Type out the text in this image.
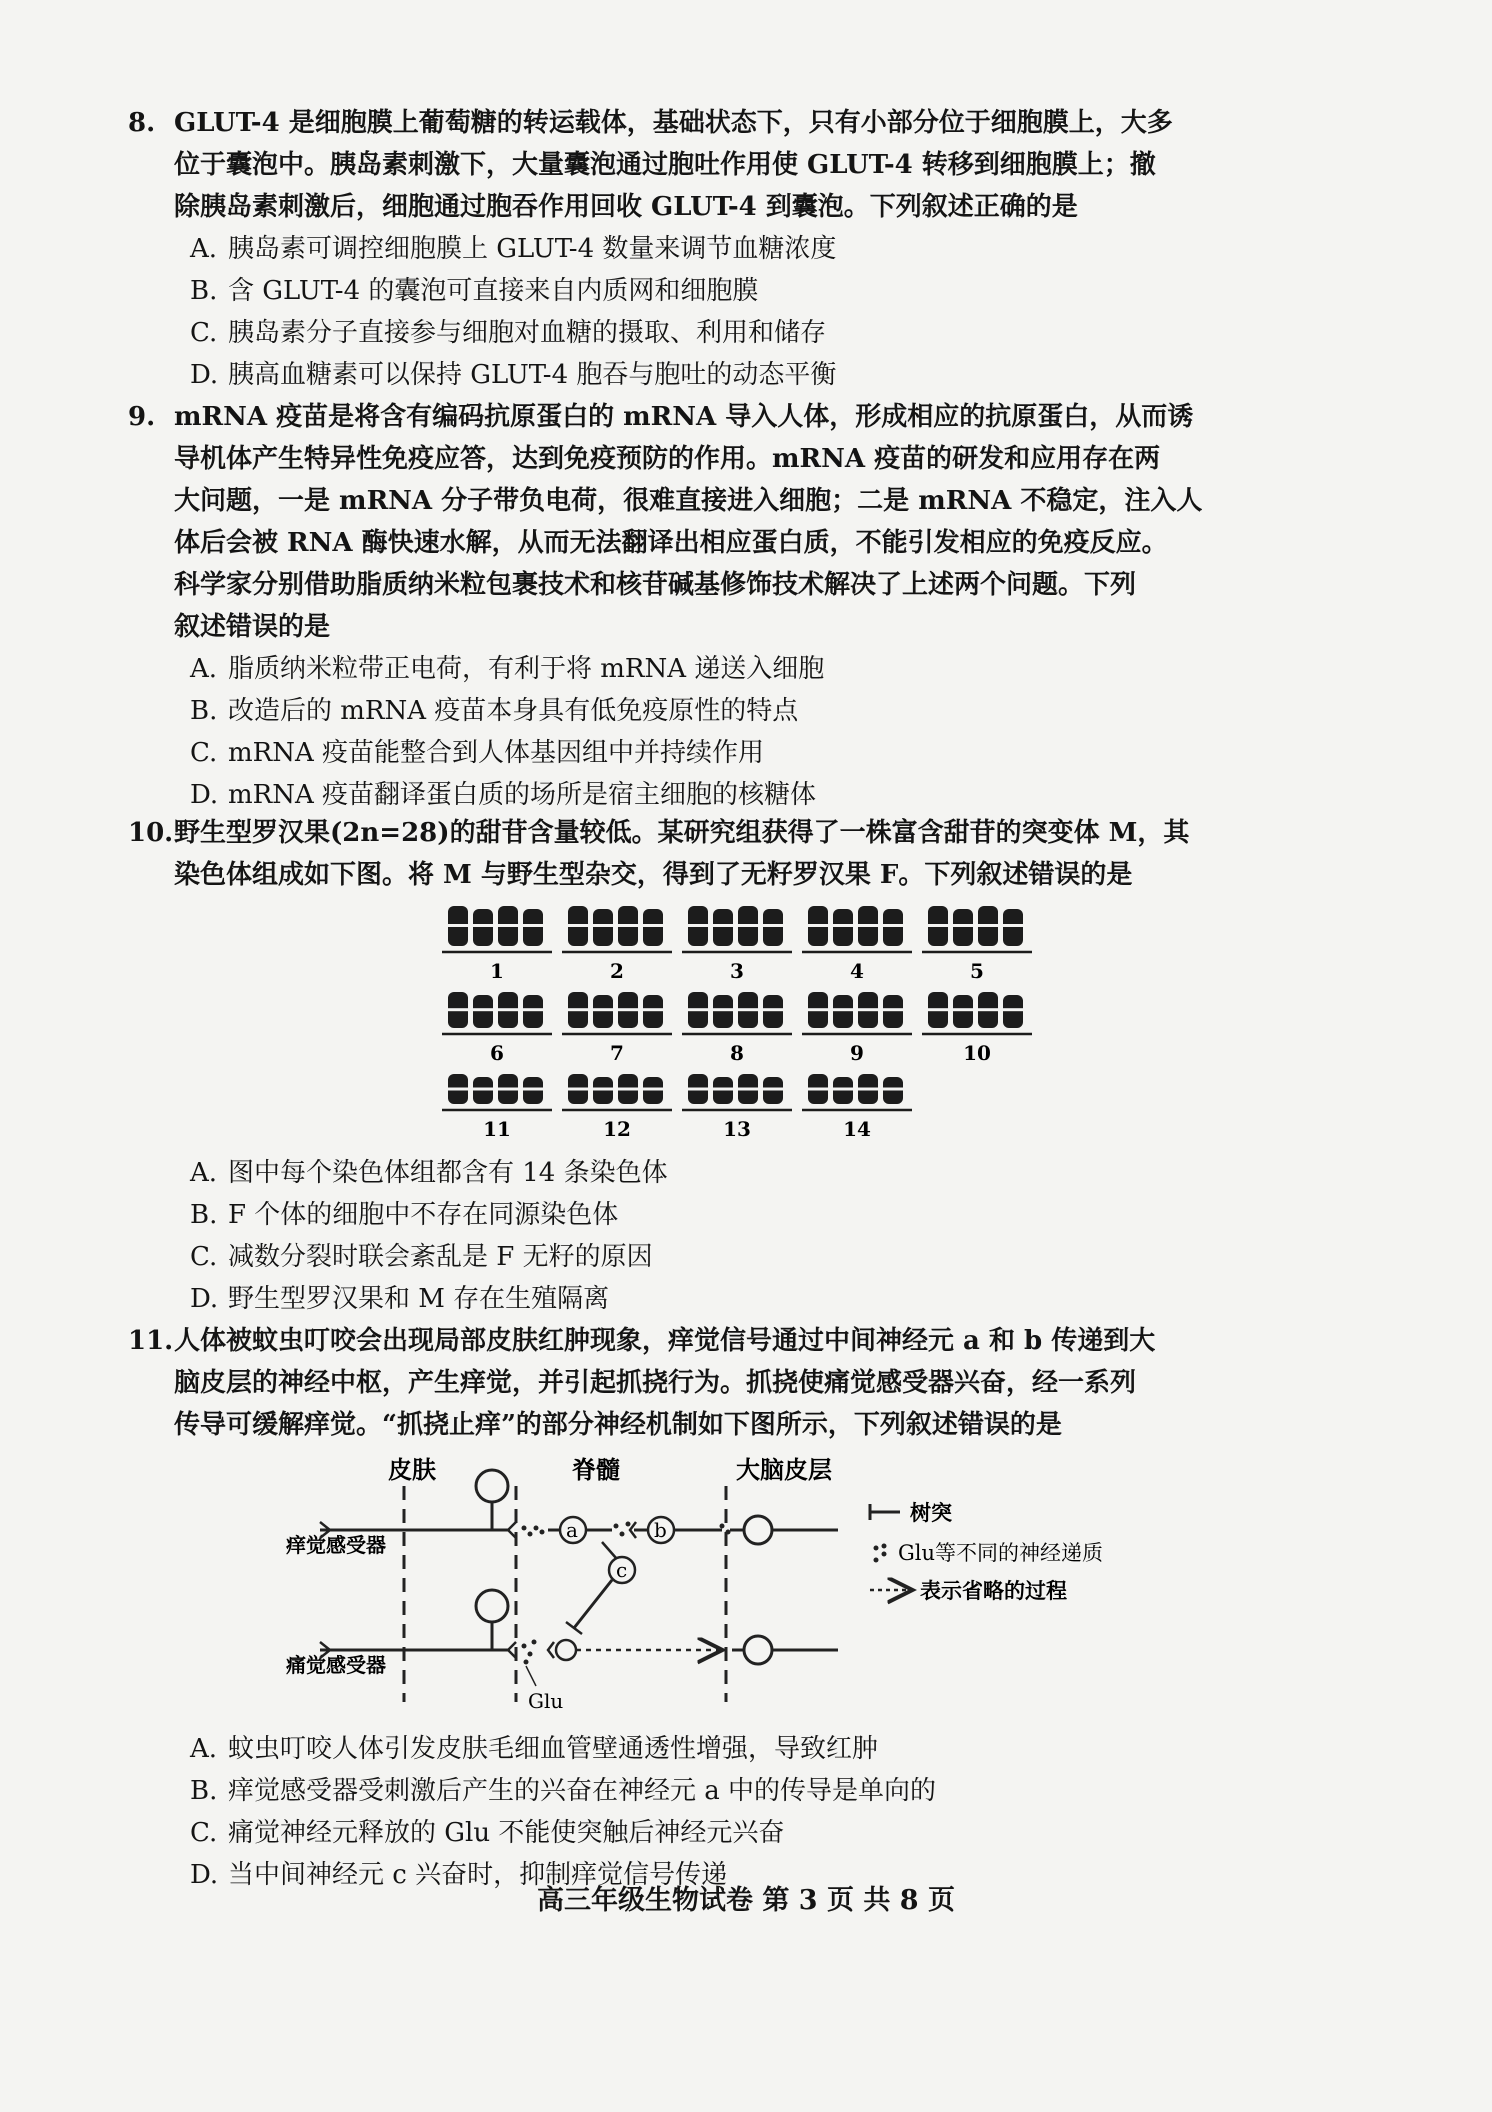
8. GLUT-4 是细胞膜上葡萄糖的转运载体，基础状态下，只有小部分位于细胞膜上，大多
位于囊泡中。胰岛素刺激下，大量囊泡通过胞吐作用使 GLUT-4 转移到细胞膜上；撤
除胰岛素刺激后，细胞通过胞吞作用回收 GLUT-4 到囊泡。下列叙述正确的是
A. 胰岛素可调控细胞膜上 GLUT-4 数量来调节血糖浓度
B. 含 GLUT-4 的囊泡可直接来自内质网和细胞膜
C. 胰岛素分子直接参与细胞对血糖的摄取、利用和储存
D. 胰高血糖素可以保持 GLUT-4 胞吞与胞吐的动态平衡
9. mRNA 疫苗是将含有编码抗原蛋白的 mRNA 导入人体，形成相应的抗原蛋白，从而诱
导机体产生特异性免疫应答，达到免疫预防的作用。mRNA 疫苗的研发和应用存在两
大问题，一是 mRNA 分子带负电荷，很难直接进入细胞；二是 mRNA 不稳定，注入人
体后会被 RNA 酶快速水解，从而无法翻译出相应蛋白质，不能引发相应的免疫反应。
科学家分别借助脂质纳米粒包裹技术和核苷碱基修饰技术解决了上述两个问题。下列
叙述错误的是
A. 脂质纳米粒带正电荷，有利于将 mRNA 递送入细胞
B. 改造后的 mRNA 疫苗本身具有低免疫原性的特点
C. mRNA 疫苗能整合到人体基因组中并持续作用
D. mRNA 疫苗翻译蛋白质的场所是宿主细胞的核糖体
10. 野生型罗汉果(2n=28)的甜苷含量较低。某研究组获得了一株富含甜苷的突变体 M，其
染色体组成如下图。将 M 与野生型杂交，得到了无籽罗汉果 F。下列叙述错误的是
1	2	3	4	5
6	7	8	9	10
11	12	13	14
A. 图中每个染色体组都含有 14 条染色体
B. F 个体的细胞中不存在同源染色体
C. 减数分裂时联会紊乱是 F 无籽的原因
D. 野生型罗汉果和 M 存在生殖隔离
11. 人体被蚊虫叮咬会出现局部皮肤红肿现象，痒觉信号通过中间神经元 a 和 b 传递到大
脑皮层的神经中枢，产生痒觉，并引起抓挠行为。抓挠使痛觉感受器兴奋，经一系列
传导可缓解痒觉。“抓挠止痒”的部分神经机制如下图所示，下列叙述错误的是
皮肤	脊髓	大脑皮层
痒觉感受器
a	b
c
痛觉感受器
Glu
树突
Glu等不同的神经递质
表示省略的过程
A. 蚊虫叮咬人体引发皮肤毛细血管壁通透性增强，导致红肿
B. 痒觉感受器受刺激后产生的兴奋在神经元 a 中的传导是单向的
C. 痛觉神经元释放的 Glu 不能使突触后神经元兴奋
D. 当中间神经元 c 兴奋时，抑制痒觉信号传递
高三年级生物试卷 第 3 页 共 8 页
